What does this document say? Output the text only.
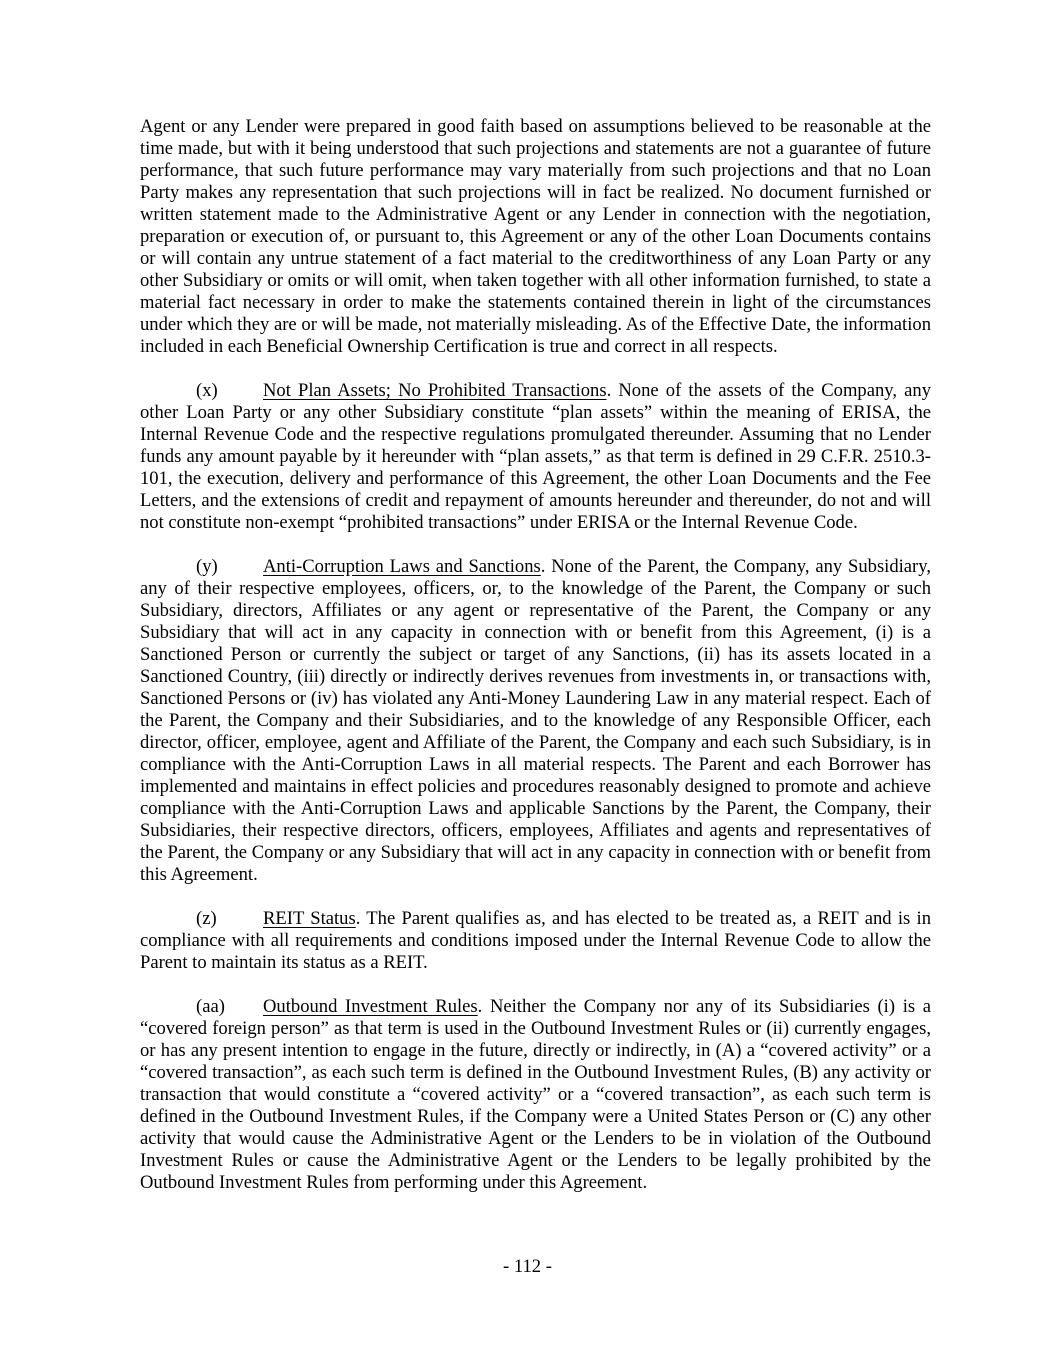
Agent or any Lender were prepared in good faith based on assumptions believed to be reasonable at the time made, but with it being understood that such projections and statements are not a guarantee of future performance, that such future performance may vary materially from such projections and that no Loan Party makes any representation that such projections will in fact be realized. No document furnished or written statement made to the Administrative Agent or any Lender in connection with the negotiation, preparation or execution of, or pursuant to, this Agreement or any of the other Loan Documents contains or will contain any untrue statement of a fact material to the creditworthiness of any Loan Party or any other Subsidiary or omits or will omit, when taken together with all other information furnished, to state a material fact necessary in order to make the statements contained therein in light of the circumstances under which they are or will be made, not materially misleading. As of the Effective Date, the information included in each Beneficial Ownership Certification is true and correct in all respects.

(x) Not Plan Assets; No Prohibited Transactions. None of the assets of the Company, any other Loan Party or any other Subsidiary constitute “plan assets” within the meaning of ERISA, the Internal Revenue Code and the respective regulations promulgated thereunder. Assuming that no Lender funds any amount payable by it hereunder with “plan assets,” as that term is defined in 29 C.F.R. 2510.3-101, the execution, delivery and performance of this Agreement, the other Loan Documents and the Fee Letters, and the extensions of credit and repayment of amounts hereunder and thereunder, do not and will not constitute non-exempt “prohibited transactions” under ERISA or the Internal Revenue Code.

(y) Anti-Corruption Laws and Sanctions. None of the Parent, the Company, any Subsidiary, any of their respective employees, officers, or, to the knowledge of the Parent, the Company or such Subsidiary, directors, Affiliates or any agent or representative of the Parent, the Company or any Subsidiary that will act in any capacity in connection with or benefit from this Agreement, (i) is a Sanctioned Person or currently the subject or target of any Sanctions, (ii) has its assets located in a Sanctioned Country, (iii) directly or indirectly derives revenues from investments in, or transactions with, Sanctioned Persons or (iv) has violated any Anti-Money Laundering Law in any material respect. Each of the Parent, the Company and their Subsidiaries, and to the knowledge of any Responsible Officer, each director, officer, employee, agent and Affiliate of the Parent, the Company and each such Subsidiary, is in compliance with the Anti-Corruption Laws in all material respects. The Parent and each Borrower has implemented and maintains in effect policies and procedures reasonably designed to promote and achieve compliance with the Anti-Corruption Laws and applicable Sanctions by the Parent, the Company, their Subsidiaries, their respective directors, officers, employees, Affiliates and agents and representatives of the Parent, the Company or any Subsidiary that will act in any capacity in connection with or benefit from this Agreement.

(z) REIT Status. The Parent qualifies as, and has elected to be treated as, a REIT and is in compliance with all requirements and conditions imposed under the Internal Revenue Code to allow the Parent to maintain its status as a REIT.

(aa) Outbound Investment Rules. Neither the Company nor any of its Subsidiaries (i) is a “covered foreign person” as that term is used in the Outbound Investment Rules or (ii) currently engages, or has any present intention to engage in the future, directly or indirectly, in (A) a “covered activity” or a “covered transaction”, as each such term is defined in the Outbound Investment Rules, (B) any activity or transaction that would constitute a “covered activity” or a “covered transaction”, as each such term is defined in the Outbound Investment Rules, if the Company were a United States Person or (C) any other activity that would cause the Administrative Agent or the Lenders to be in violation of the Outbound Investment Rules or cause the Administrative Agent or the Lenders to be legally prohibited by the Outbound Investment Rules from performing under this Agreement.

- 112 -
